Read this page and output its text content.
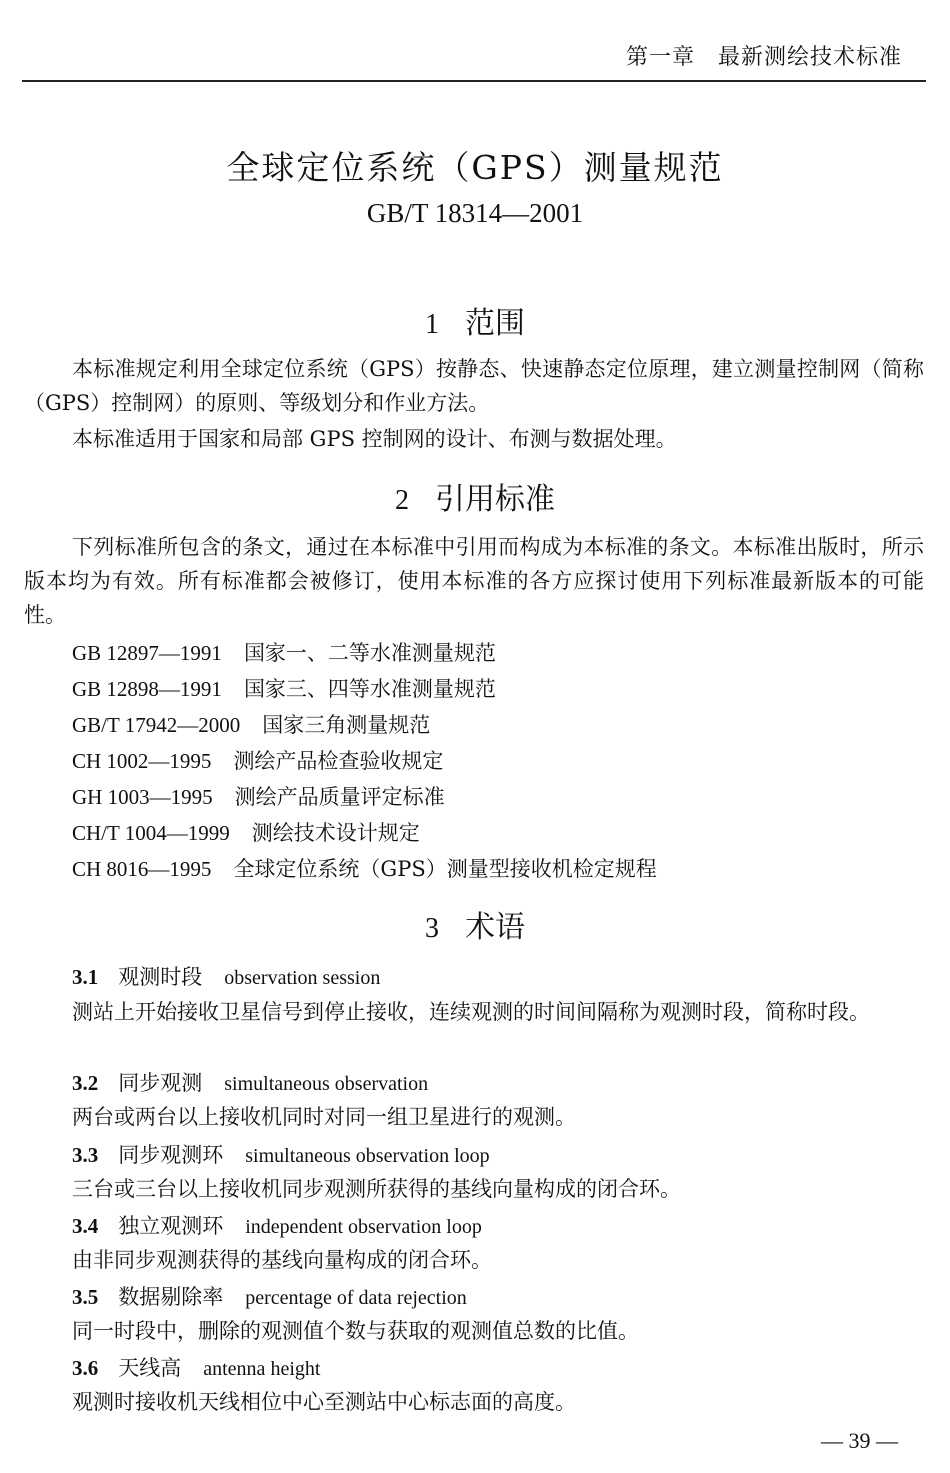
第一章　最新测绘技术标准
全球定位系统（GPS）测量规范
GB/T 18314—2001
1 范围

本标准规定利用全球定位系统（GPS）按静态、快速静态定位原理，建立测量控制网（简称（GPS）控制网）的原则、等级划分和作业方法。

本标准适用于国家和局部 GPS 控制网的设计、布测与数据处理。

2 引用标准

下列标准所包含的条文，通过在本标准中引用而构成为本标准的条文。本标准出版时，所示版本均为有效。所有标准都会被修订，使用本标准的各方应探讨使用下列标准最新版本的可能性。

GB 12897—1991 国家一、二等水准测量规范
GB 12898—1991 国家三、四等水准测量规范
GB/T 17942—2000 国家三角测量规范
CH 1002—1995 测绘产品检查验收规定
GH 1003—1995 测绘产品质量评定标准
CH/T 1004—1999 测绘技术设计规定
CH 8016—1995 全球定位系统（GPS）测量型接收机检定规程
3 术语
3.1 观测时段 observation session

测站上开始接收卫星信号到停止接收，连续观测的时间间隔称为观测时段，简称时段。

3.2 同步观测 simultaneous observation

两台或两台以上接收机同时对同一组卫星进行的观测。

3.3 同步观测环 simultaneous observation loop

三台或三台以上接收机同步观测所获得的基线向量构成的闭合环。

3.4 独立观测环 independent observation loop

由非同步观测获得的基线向量构成的闭合环。

3.5 数据剔除率 percentage of data rejection

同一时段中，删除的观测值个数与获取的观测值总数的比值。

3.6 天线高 antenna height

观测时接收机天线相位中心至测站中心标志面的高度。

— 39 —
